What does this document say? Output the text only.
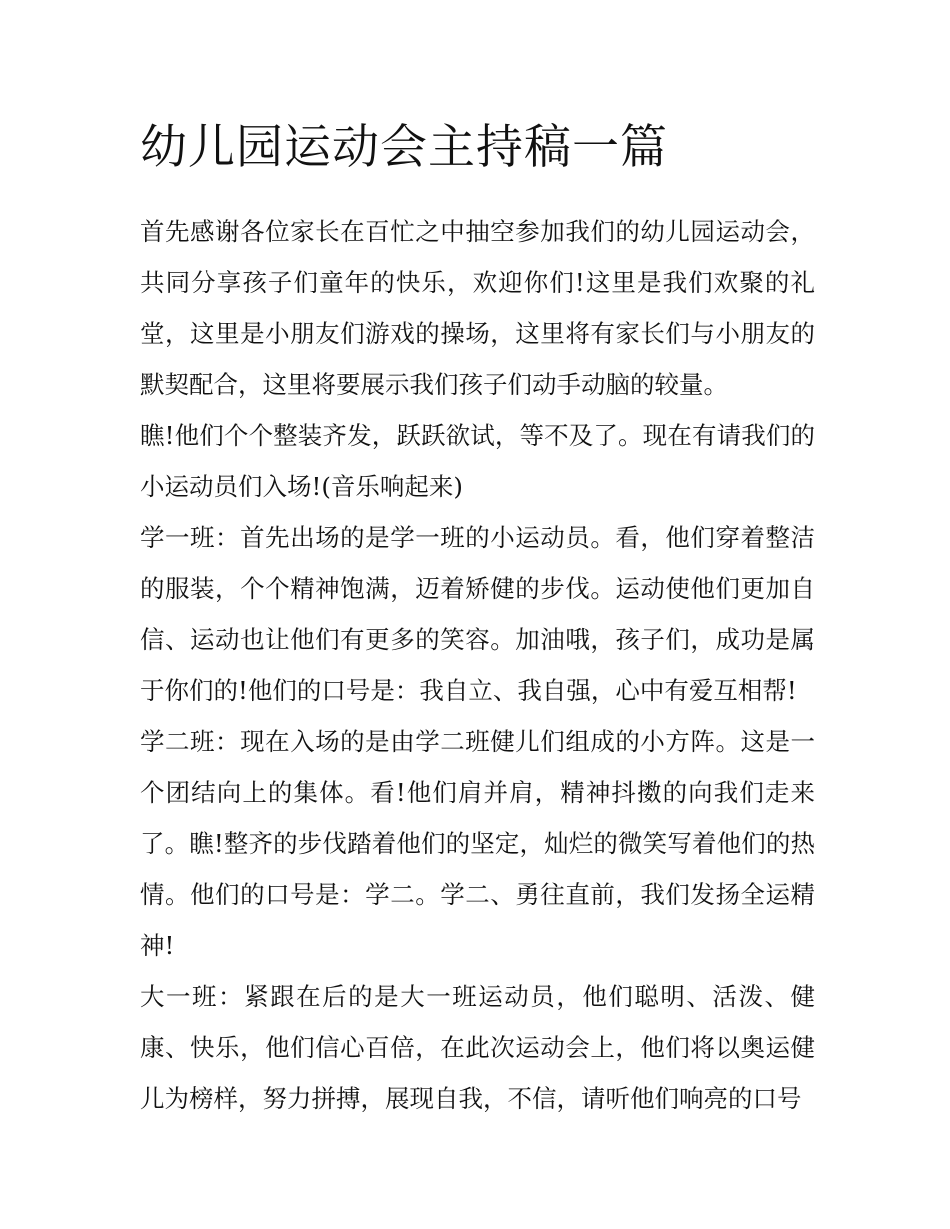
幼儿园运动会主持稿一篇

首先感谢各位家长在百忙之中抽空参加我们的幼儿园运动会，共同分享孩子们童年的快乐，欢迎你们!这里是我们欢聚的礼堂，这里是小朋友们游戏的操场，这里将有家长们与小朋友的默契配合，这里将要展示我们孩子们动手动脑的较量。

瞧!他们个个整装齐发，跃跃欲试，等不及了。现在有请我们的小运动员们入场!(音乐响起来)

学一班：首先出场的是学一班的小运动员。看，他们穿着整洁的服装，个个精神饱满，迈着矫健的步伐。运动使他们更加自信、运动也让他们有更多的笑容。加油哦，孩子们，成功是属于你们的!他们的口号是：我自立、我自强，心中有爱互相帮!

学二班：现在入场的是由学二班健儿们组成的小方阵。这是一个团结向上的集体。看!他们肩并肩，精神抖擞的向我们走来了。瞧!整齐的步伐踏着他们的坚定，灿烂的微笑写着他们的热情。他们的口号是：学二。学二、勇往直前，我们发扬全运精神!

大一班：紧跟在后的是大一班运动员，他们聪明、活泼、健康、快乐，他们信心百倍，在此次运动会上，他们将以奥运健儿为榜样，努力拼搏，展现自我，不信，请听他们响亮的口号
